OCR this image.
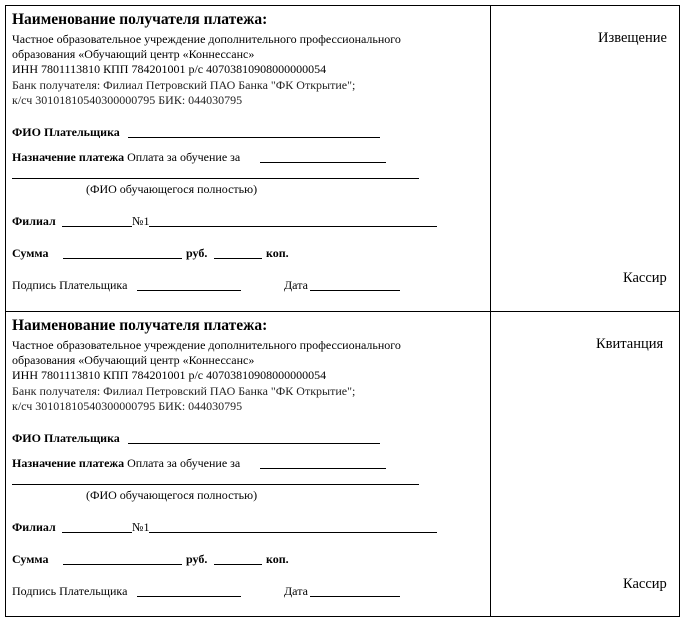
Наименование получателя платежа:
Частное образовательное учреждение дополнительного профессионального
образования «Обучающий центр «Коннессанс»
ИНН 7801113810 КПП 784201001 р/с 40703810908000000054
Банк получателя: Филиал Петровский ПАО Банка "ФК Открытие";
к/сч 30101810540300000795 БИК: 044030795
ФИО Плательщика
Назначение платежа Оплата за обучение за
(ФИО обучающегося полностью)
Филиал	№1
Сумма	руб.	коп.
Подпись Плательщика	Дата
Извещение
Кассир
Наименование получателя платежа:
Частное образовательное учреждение дополнительного профессионального
образования «Обучающий центр «Коннессанс»
ИНН 7801113810 КПП 784201001 р/с 40703810908000000054
Банк получателя: Филиал Петровский ПАО Банка "ФК Открытие";
к/сч 30101810540300000795 БИК: 044030795
ФИО Плательщика
Назначение платежа Оплата за обучение за
(ФИО обучающегося полностью)
Филиал	№1
Сумма	руб.	коп.
Подпись Плательщика	Дата
Квитанция
Кассир
